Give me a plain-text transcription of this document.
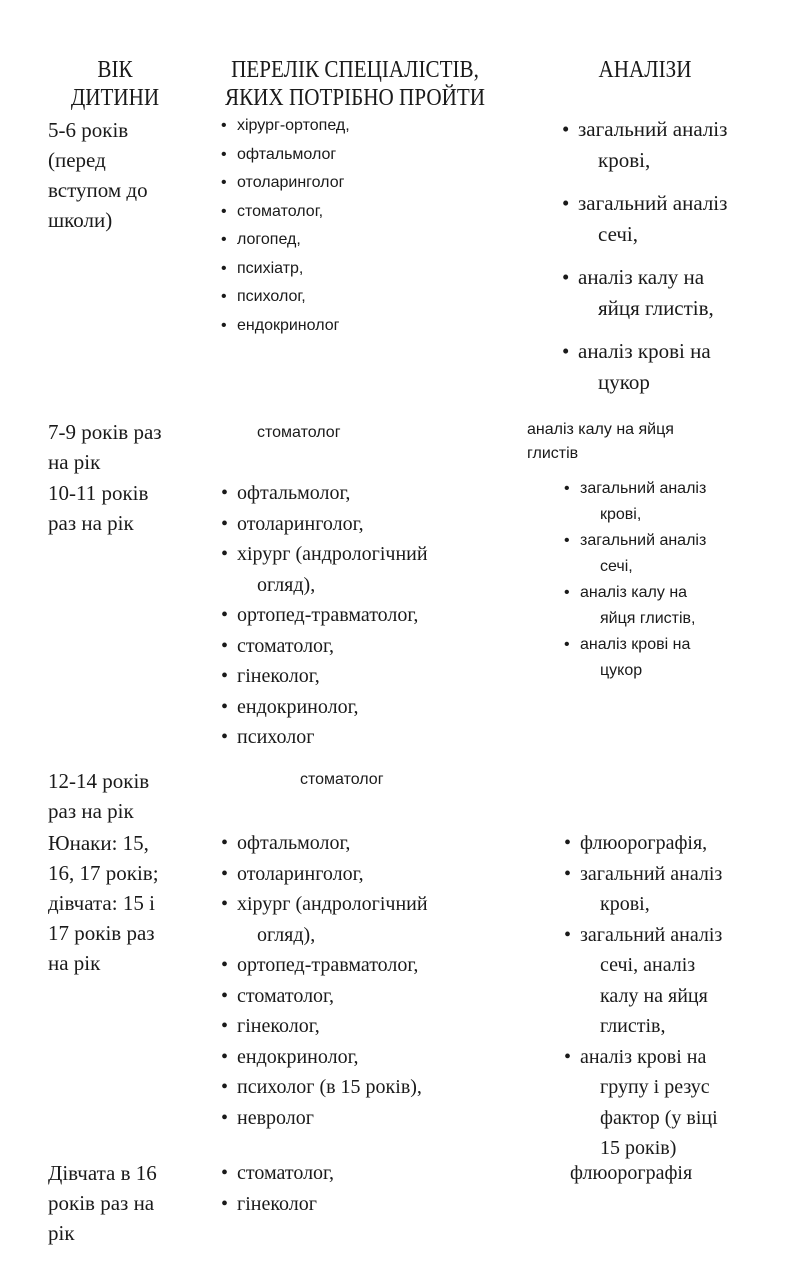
ВІК
ДИТИНИ
ПЕРЕЛІК СПЕЦІАЛІСТІВ,
ЯКИХ ПОТРІБНО ПРОЙТИ
АНАЛІЗИ
5-6 років
(перед
вступом до
школи)
• хірург-ортопед,
• офтальмолог
• отоларинголог
• стоматолог,
• логопед,
• психіатр,
• психолог,
• ендокринолог
• загальний аналіз
крові,
• загальний аналіз
сечі,
• аналіз калу на
яйця глистів,
• аналіз крові на
цукор
7-9 років раз
на рік
стоматолог	аналіз калу на яйця
глистів
10-11 років
раз на рік
• офтальмолог,
• отоларинголог,
• хірург (андрологічний
огляд),
• ортопед-травматолог,
• стоматолог,
• гінеколог,
• ендокринолог,
• психолог
• загальний аналіз
крові,
• загальний аналіз
сечі,
• аналіз калу на
яйця глистів,
• аналіз крові на
цукор
12-14 років
раз на рік
стоматолог
Юнаки: 15,
16, 17 років;
дівчата: 15 і
17 років раз
на рік
• офтальмолог,
• отоларинголог,
• хірург (андрологічний
огляд),
• ортопед-травматолог,
• стоматолог,
• гінеколог,
• ендокринолог,
• психолог (в 15 років),
• невролог
• флюорографія,
• загальний аналіз
крові,
• загальний аналіз
сечі, аналіз
калу на яйця
глистів,
• аналіз крові на
групу і резус
фактор (у віці
15 років)
Дівчата в 16
років раз на
рік
• стоматолог,
• гінеколог
флюорографія
